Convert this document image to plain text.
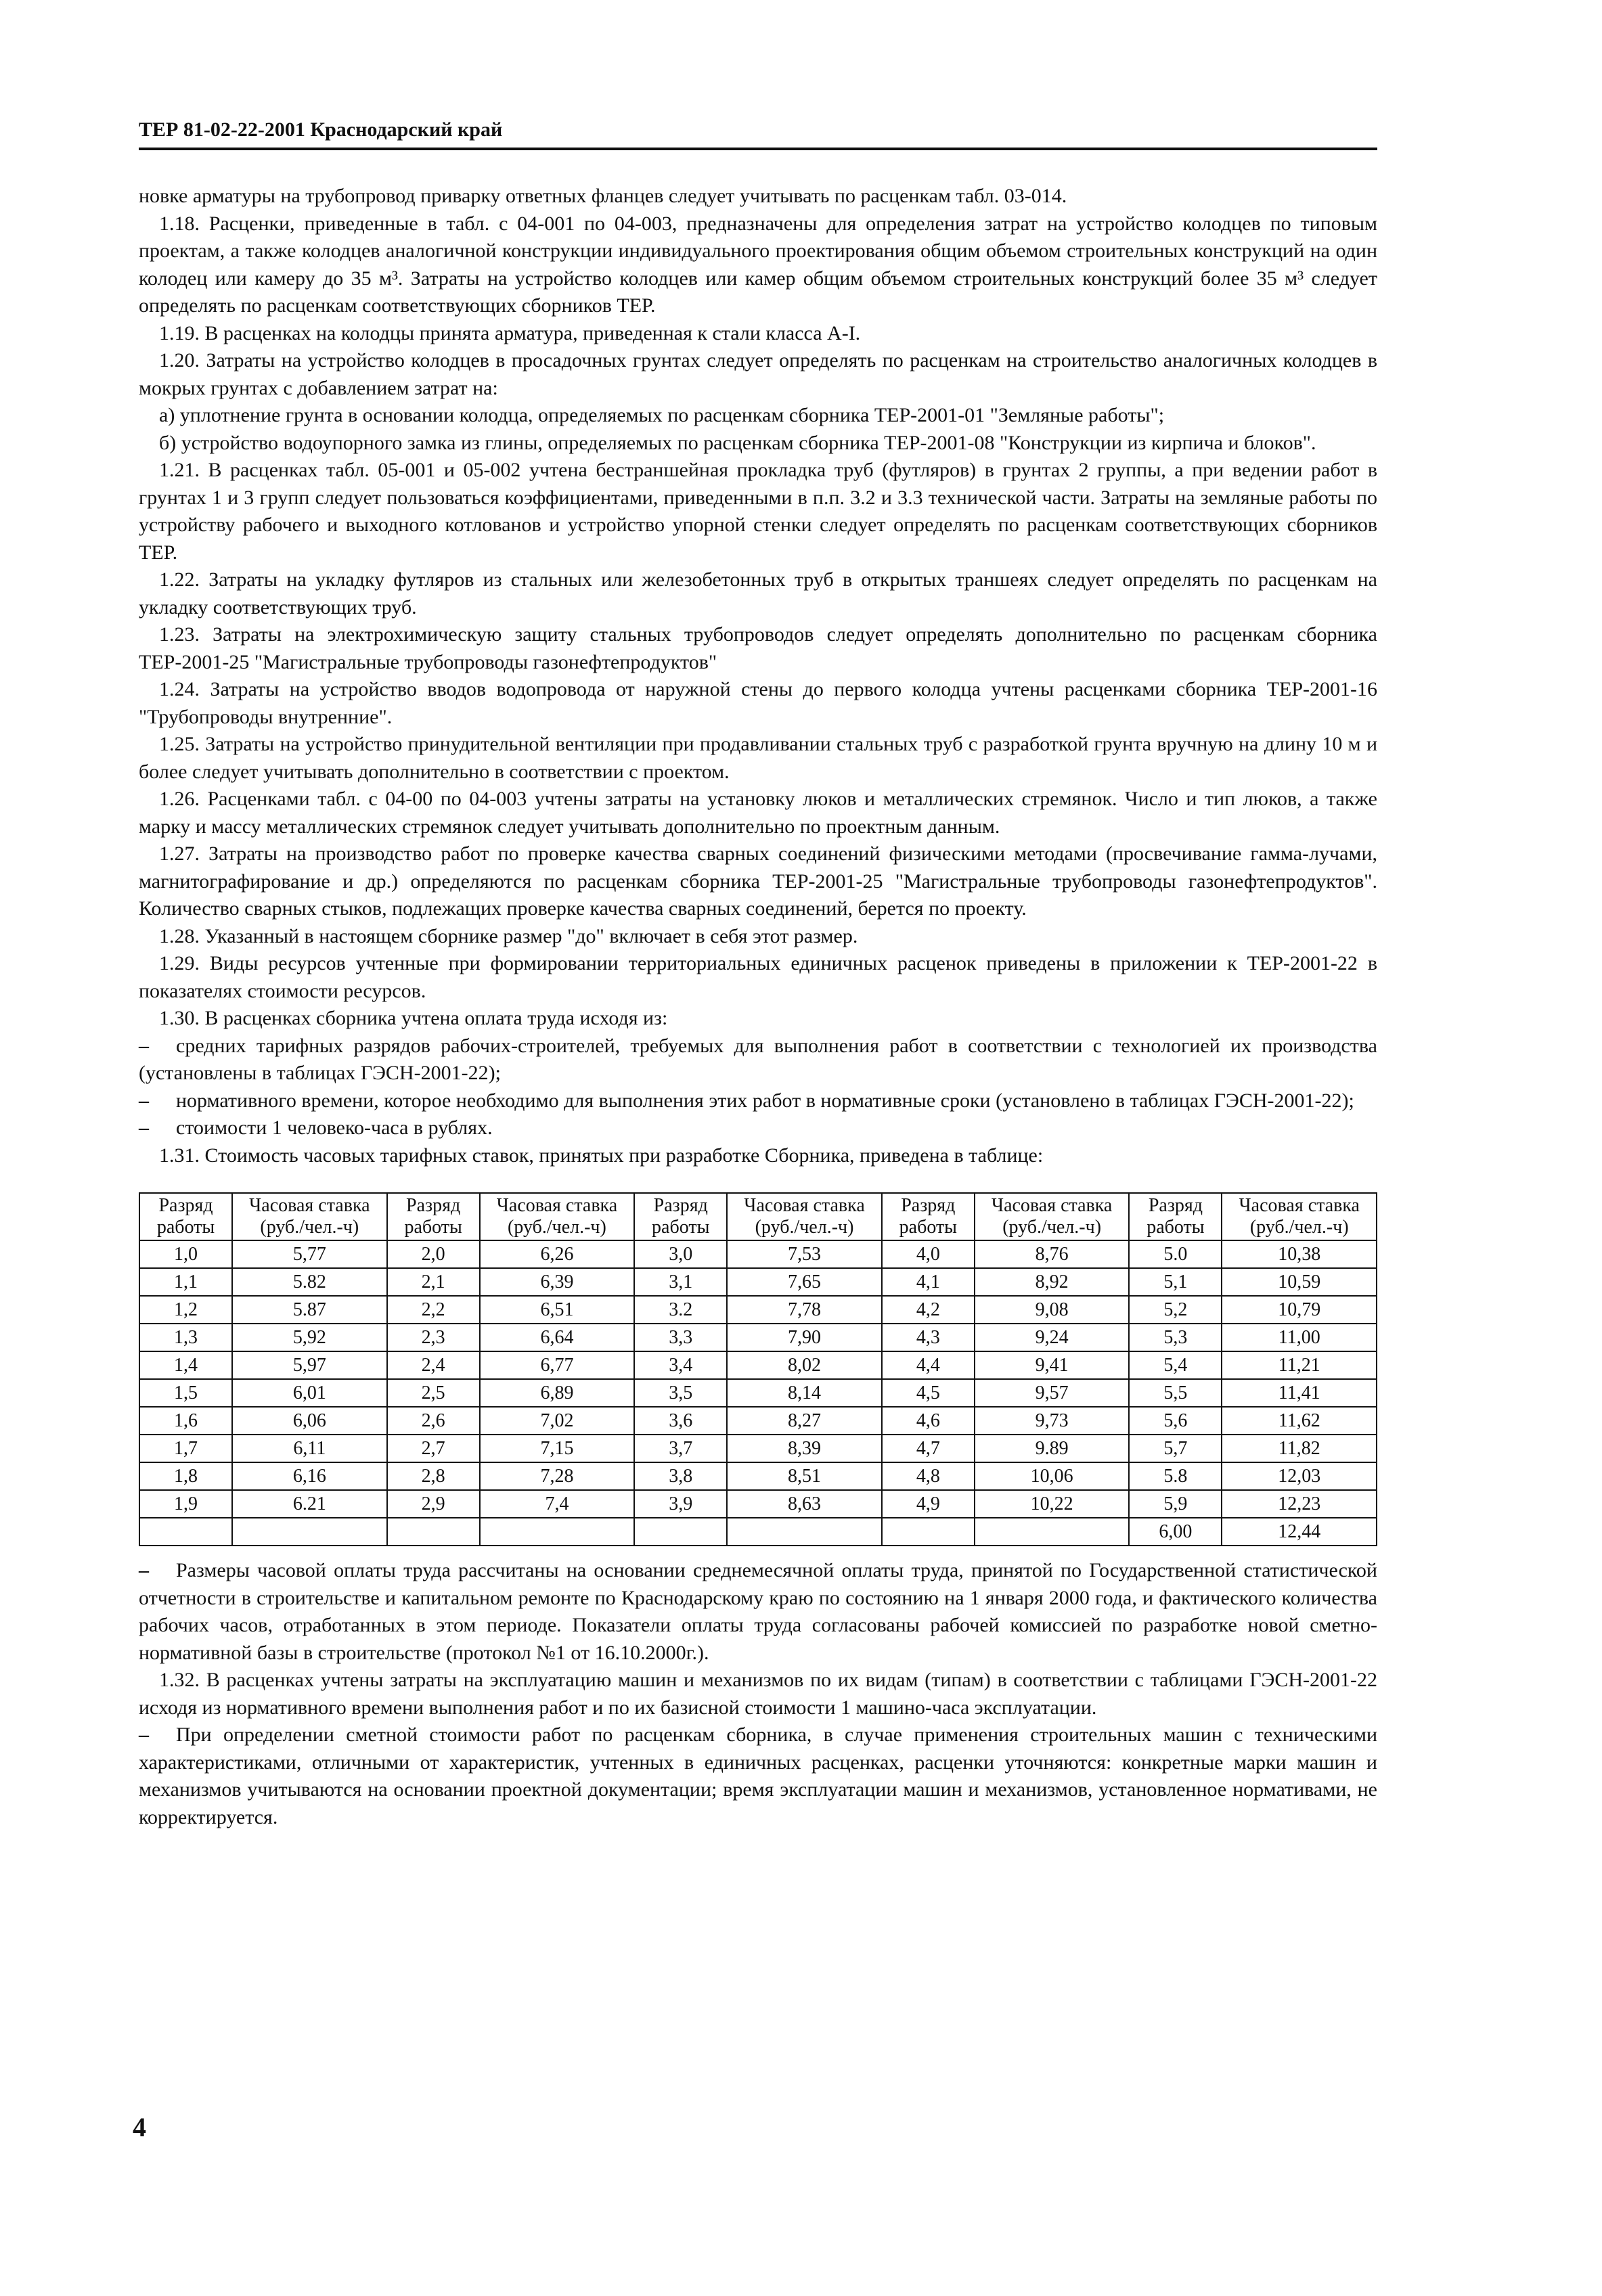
ТЕР 81-02-22-2001 Краснодарский край

новке арматуры на трубопровод приварку ответных фланцев следует учитывать по расценкам табл. 03-014.

1.18. Расценки, приведенные в табл. с 04-001 по 04-003, предназначены для определения затрат на устройство колодцев по типовым проектам, а также колодцев аналогичной конструкции индивидуального проектирования общим объемом строительных конструкций на один колодец или камеру до 35 м³. Затраты на устройство колодцев или камер общим объемом строительных конструкций более 35 м³ следует определять по расценкам соответствующих сборников ТЕР.

1.19. В расценках на колодцы принята арматура, приведенная к стали класса А-I.

1.20. Затраты на устройство колодцев в просадочных грунтах следует определять по расценкам на строительство аналогичных колодцев в мокрых грунтах с добавлением затрат на:

а) уплотнение грунта в основании колодца, определяемых по расценкам сборника ТЕР-2001-01 "Земляные работы";

б) устройство водоупорного замка из глины, определяемых по расценкам сборника ТЕР-2001-08 "Конструкции из кирпича и блоков".

1.21. В расценках табл. 05-001 и 05-002 учтена бестраншейная прокладка труб (футляров) в грунтах 2 группы, а при ведении работ в грунтах 1 и 3 групп следует пользоваться коэффициентами, приведенными в п.п. 3.2 и 3.3 технической части. Затраты на земляные работы по устройству рабочего и выходного котлованов и устройство упорной стенки следует определять по расценкам соответствующих сборников ТЕР.

1.22. Затраты на укладку футляров из стальных или железобетонных труб в открытых траншеях следует определять по расценкам на укладку соответствующих труб.

1.23. Затраты на электрохимическую защиту стальных трубопроводов следует определять дополнительно по расценкам сборника ТЕР-2001-25 "Магистральные трубопроводы газонефтепродуктов"

1.24. Затраты на устройство вводов водопровода от наружной стены до первого колодца учтены расценками сборника ТЕР-2001-16 "Трубопроводы внутренние".

1.25. Затраты на устройство принудительной вентиляции при продавливании стальных труб с разработкой грунта вручную на длину 10 м и более следует учитывать дополнительно в соответствии с проектом.

1.26. Расценками табл. с 04-00 по 04-003 учтены затраты на установку люков и металлических стремянок. Число и тип люков, а также марку и массу металлических стремянок следует учитывать дополнительно по проектным данным.

1.27. Затраты на производство работ по проверке качества сварных соединений физическими методами (просвечивание гамма-лучами, магнитографирование и др.) определяются по расценкам сборника ТЕР-2001-25 "Магистральные трубопроводы газонефтепродуктов". Количество сварных стыков, подлежащих проверке качества сварных соединений, берется по проекту.

1.28. Указанный в настоящем сборнике размер "до" включает в себя этот размер.

1.29. Виды ресурсов учтенные при формировании территориальных единичных расценок приведены в приложении к ТЕР-2001-22 в показателях стоимости ресурсов.

1.30. В расценках сборника учтена оплата труда исходя из:

– средних тарифных разрядов рабочих-строителей, требуемых для выполнения работ в соответствии с технологией их производства (установлены в таблицах ГЭСН-2001-22);

– нормативного времени, которое необходимо для выполнения этих работ в нормативные сроки (установлено в таблицах ГЭСН-2001-22);

– стоимости 1 человеко-часа в рублях.

1.31. Стоимость часовых тарифных ставок, принятых при разработке Сборника, приведена в таблице:

Разряд работы	Часовая ставка (руб./чел.-ч)	Разряд работы	Часовая ставка (руб./чел.-ч)	Разряд работы	Часовая ставка (руб./чел.-ч)	Разряд работы	Часовая ставка (руб./чел.-ч)	Разряд работы	Часовая ставка (руб./чел.-ч)
1,0	5,77	2,0	6,26	3,0	7,53	4,0	8,76	5.0	10,38
1,1	5.82	2,1	6,39	3,1	7,65	4,1	8,92	5,1	10,59
1,2	5.87	2,2	6,51	3.2	7,78	4,2	9,08	5,2	10,79
1,3	5,92	2,3	6,64	3,3	7,90	4,3	9,24	5,3	11,00
1,4	5,97	2,4	6,77	3,4	8,02	4,4	9,41	5,4	11,21
1,5	6,01	2,5	6,89	3,5	8,14	4,5	9,57	5,5	11,41
1,6	6,06	2,6	7,02	3,6	8,27	4,6	9,73	5,6	11,62
1,7	6,11	2,7	7,15	3,7	8,39	4,7	9.89	5,7	11,82
1,8	6,16	2,8	7,28	3,8	8,51	4,8	10,06	5.8	12,03
1,9	6.21	2,9	7,4	3,9	8,63	4,9	10,22	5,9	12,23
								6,00	12,44

– Размеры часовой оплаты труда рассчитаны на основании среднемесячной оплаты труда, принятой по Государственной статистической отчетности в строительстве и капитальном ремонте по Краснодарскому краю по состоянию на 1 января 2000 года, и фактического количества рабочих часов, отработанных в этом периоде. Показатели оплаты труда согласованы рабочей комиссией по разработке новой сметно-нормативной базы в строительстве (протокол №1 от 16.10.2000г.).

1.32. В расценках учтены затраты на эксплуатацию машин и механизмов по их видам (типам) в соответствии с таблицами ГЭСН-2001-22 исходя из нормативного времени выполнения работ и по их базисной стоимости 1 машино-часа эксплуатации.

– При определении сметной стоимости работ по расценкам сборника, в случае применения строительных машин с техническими характеристиками, отличными от характеристик, учтенных в единичных расценках, расценки уточняются: конкретные марки машин и механизмов учитываются на основании проектной документации; время эксплуатации машин и механизмов, установленное нормативами, не корректируется.

4
